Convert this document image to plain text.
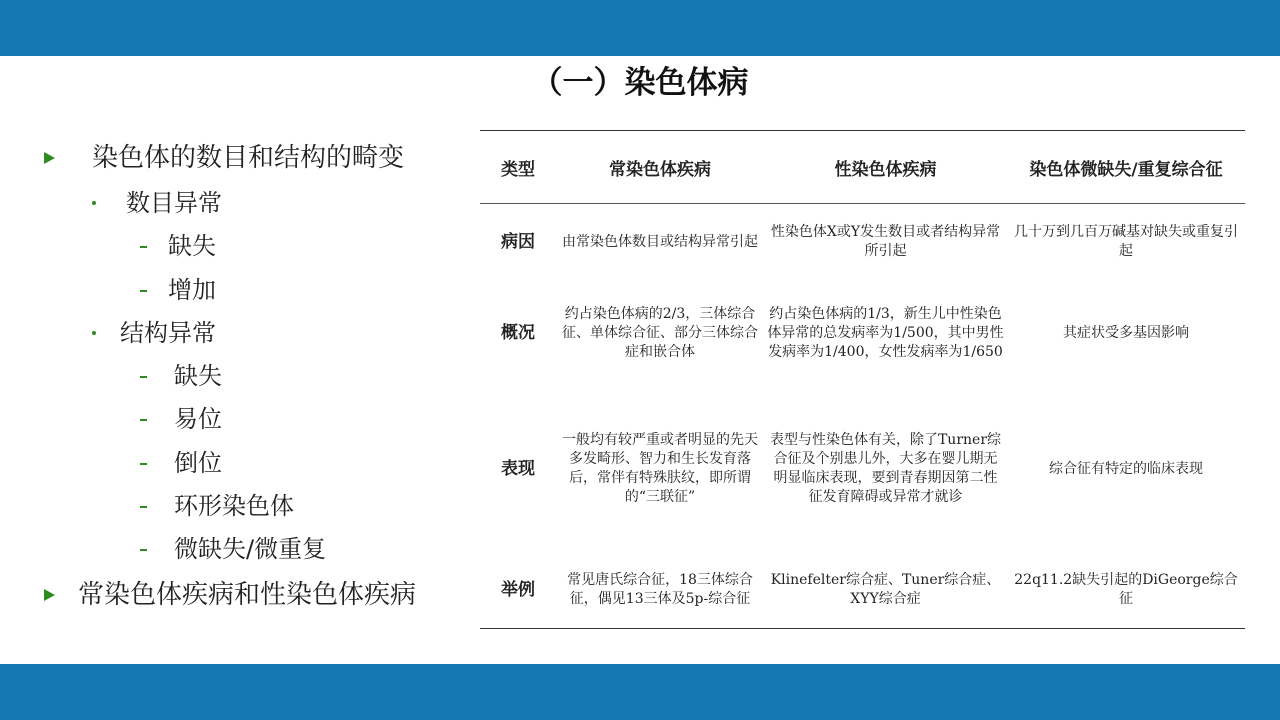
（一）染色体病
染色体的数目和结构的畸变
数目异常
缺失
增加
结构异常
缺失
易位
倒位
环形染色体
微缺失/微重复
常染色体疾病和性染色体疾病
类型	常染色体疾病	性染色体疾病	染色体微缺失/重复综合征
病因	由常染色体数目或结构异常引起	性染色体X或Y发生数目或者结构异常所引起	几十万到几百万碱基对缺失或重复引起
概况	约占染色体病的2/3，三体综合征、单体综合征、部分三体综合症和嵌合体	约占染色体病的1/3，新生儿中性染色体异常的总发病率为1/500，其中男性发病率为1/400，女性发病率为1/650	其症状受多基因影响
表现	一般均有较严重或者明显的先天多发畸形、智力和生长发育落后，常伴有特殊肤纹，即所谓的“三联征”	表型与性染色体有关，除了Turner综合征及个别患儿外，大多在婴儿期无明显临床表现，要到青春期因第二性征发育障碍或异常才就诊	综合征有特定的临床表现
举例	常见唐氏综合征，18三体综合征，偶见13三体及5p-综合征	Klinefelter综合症、Tuner综合症、XYY综合症	22q11.2缺失引起的DiGeorge综合征
